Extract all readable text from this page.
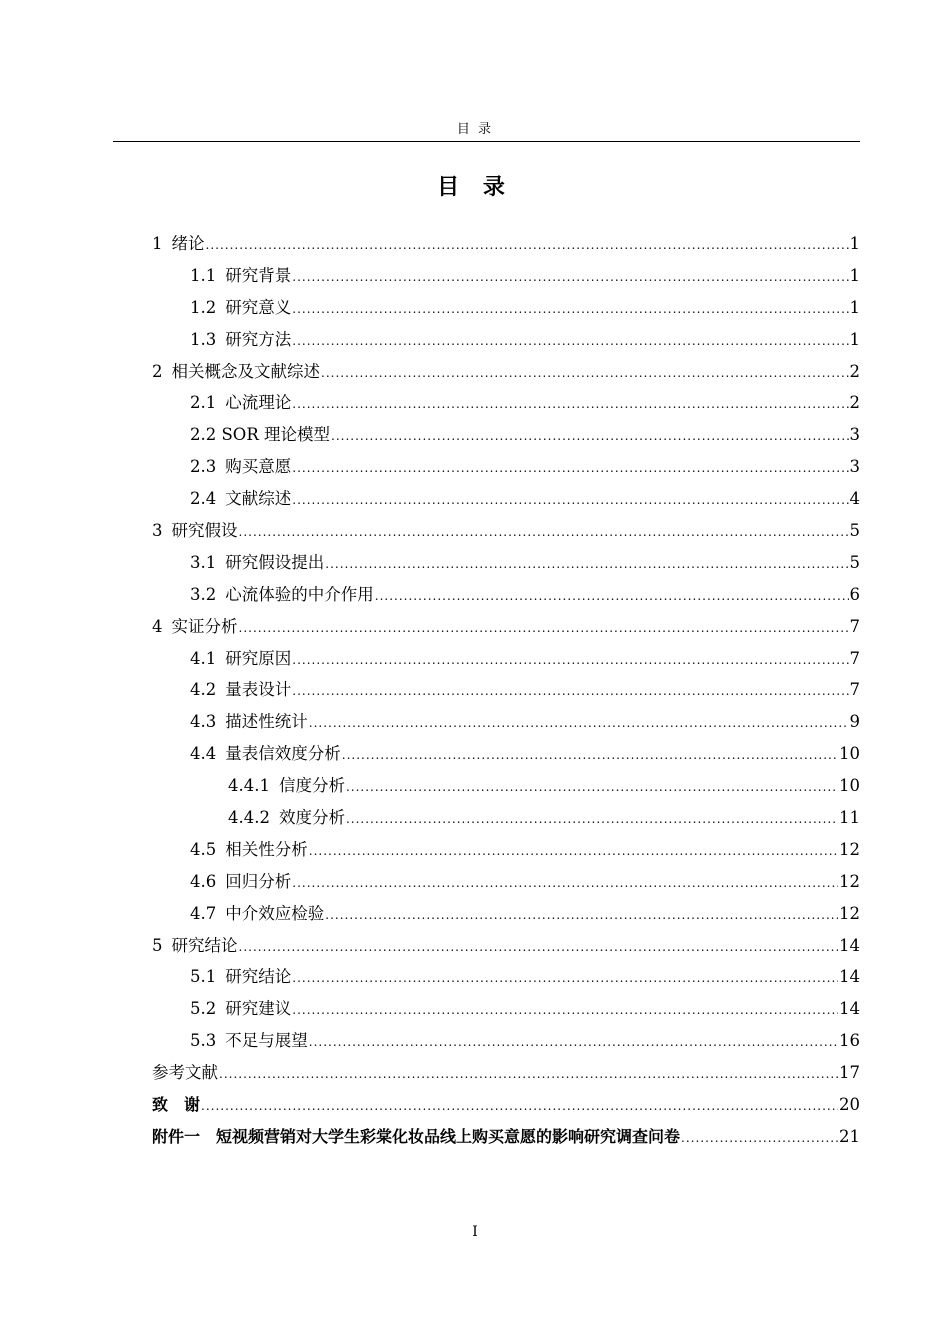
目 录
目 录
1 绪论 .....	1
1.1 研究背景 .....	1
1.2 研究意义 .....	1
1.3 研究方法 .....	1
2 相关概念及文献综述 .....	2
2.1 心流理论 .....	2
2.2 SOR 理论模型 .....	3
2.3 购买意愿 .....	3
2.4 文献综述 .....	4
3 研究假设 .....	5
3.1 研究假设提出 .....	5
3.2 心流体验的中介作用 .....	6
4 实证分析 .....	7
4.1 研究原因 .....	7
4.2 量表设计 .....	7
4.3 描述性统计 .....	9
4.4 量表信效度分析 .....	10
4.4.1 信度分析 .....	10
4.4.2 效度分析 .....	11
4.5 相关性分析 .....	12
4.6 回归分析 .....	12
4.7 中介效应检验 .....	12
5 研究结论 .....	14
5.1 研究结论 .....	14
5.2 研究建议 .....	14
5.3 不足与展望 .....	16
参考文献 .....	17
致　谢 .....	20
附件一　 短视频营销对大学生彩棠化妆品线上购买意愿的影响研究调查问卷 .....	21
I
